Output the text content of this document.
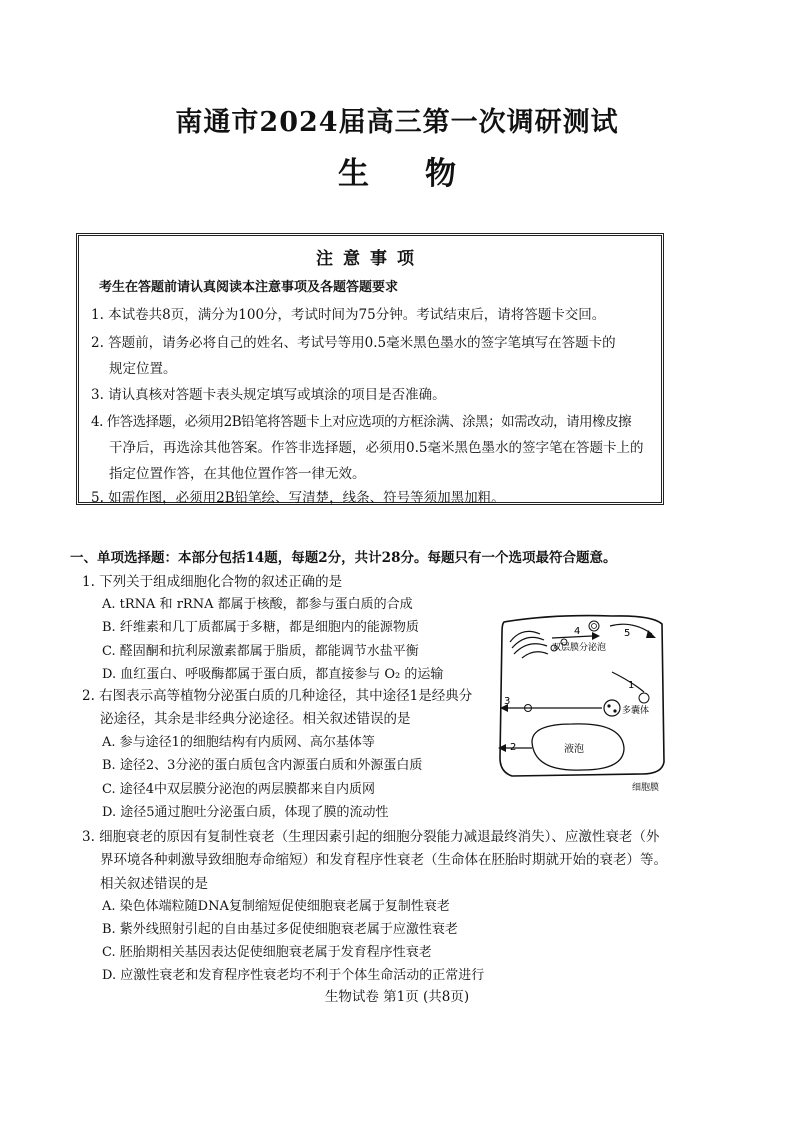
南通市2024届高三第一次调研测试
生物
注意事项
考生在答题前请认真阅读本注意事项及各题答题要求
1. 本试卷共8页，满分为100分，考试时间为75分钟。考试结束后，请将答题卡交回。
2. 答题前，请务必将自己的姓名、考试号等用0.5毫米黑色墨水的签字笔填写在答题卡的
规定位置。
3. 请认真核对答题卡表头规定填写或填涂的项目是否准确。
4. 作答选择题，必须用2B铅笔将答题卡上对应选项的方框涂满、涂黑；如需改动，请用橡皮擦
干净后，再选涂其他答案。作答非选择题，必须用0.5毫米黑色墨水的签字笔在答题卡上的
指定位置作答，在其他位置作答一律无效。
5. 如需作图，必须用2B铅笔绘、写清楚，线条、符号等须加黑加粗。
一、单项选择题：本部分包括14题，每题2分，共计28分。每题只有一个选项最符合题意。
1. 下列关于组成细胞化合物的叙述正确的是
A. tRNA 和 rRNA 都属于核酸，都参与蛋白质的合成
B. 纤维素和几丁质都属于多糖，都是细胞内的能源物质
C. 醛固酮和抗利尿激素都属于脂质，都能调节水盐平衡
D. 血红蛋白、呼吸酶都属于蛋白质，都直接参与 O₂ 的运输
2. 右图表示高等植物分泌蛋白质的几种途径，其中途径1是经典分
泌途径，其余是非经典分泌途径。相关叙述错误的是
A. 参与途径1的细胞结构有内质网、高尔基体等
B. 途径2、3分泌的蛋白质包含内源蛋白质和外源蛋白质
C. 途径4中双层膜分泌泡的两层膜都来自内质网
D. 途径5通过胞吐分泌蛋白质，体现了膜的流动性
双层膜分泌泡
多囊体
液泡
细胞膜
1
2
3
4	5
3. 细胞衰老的原因有复制性衰老（生理因素引起的细胞分裂能力减退最终消失）、应激性衰老（外
界环境各种刺激导致细胞寿命缩短）和发育程序性衰老（生命体在胚胎时期就开始的衰老）等。
相关叙述错误的是
A. 染色体端粒随DNA复制缩短促使细胞衰老属于复制性衰老
B. 紫外线照射引起的自由基过多促使细胞衰老属于应激性衰老
C. 胚胎期相关基因表达促使细胞衰老属于发育程序性衰老
D. 应激性衰老和发育程序性衰老均不利于个体生命活动的正常进行
生物试卷 第1页 (共8页)
